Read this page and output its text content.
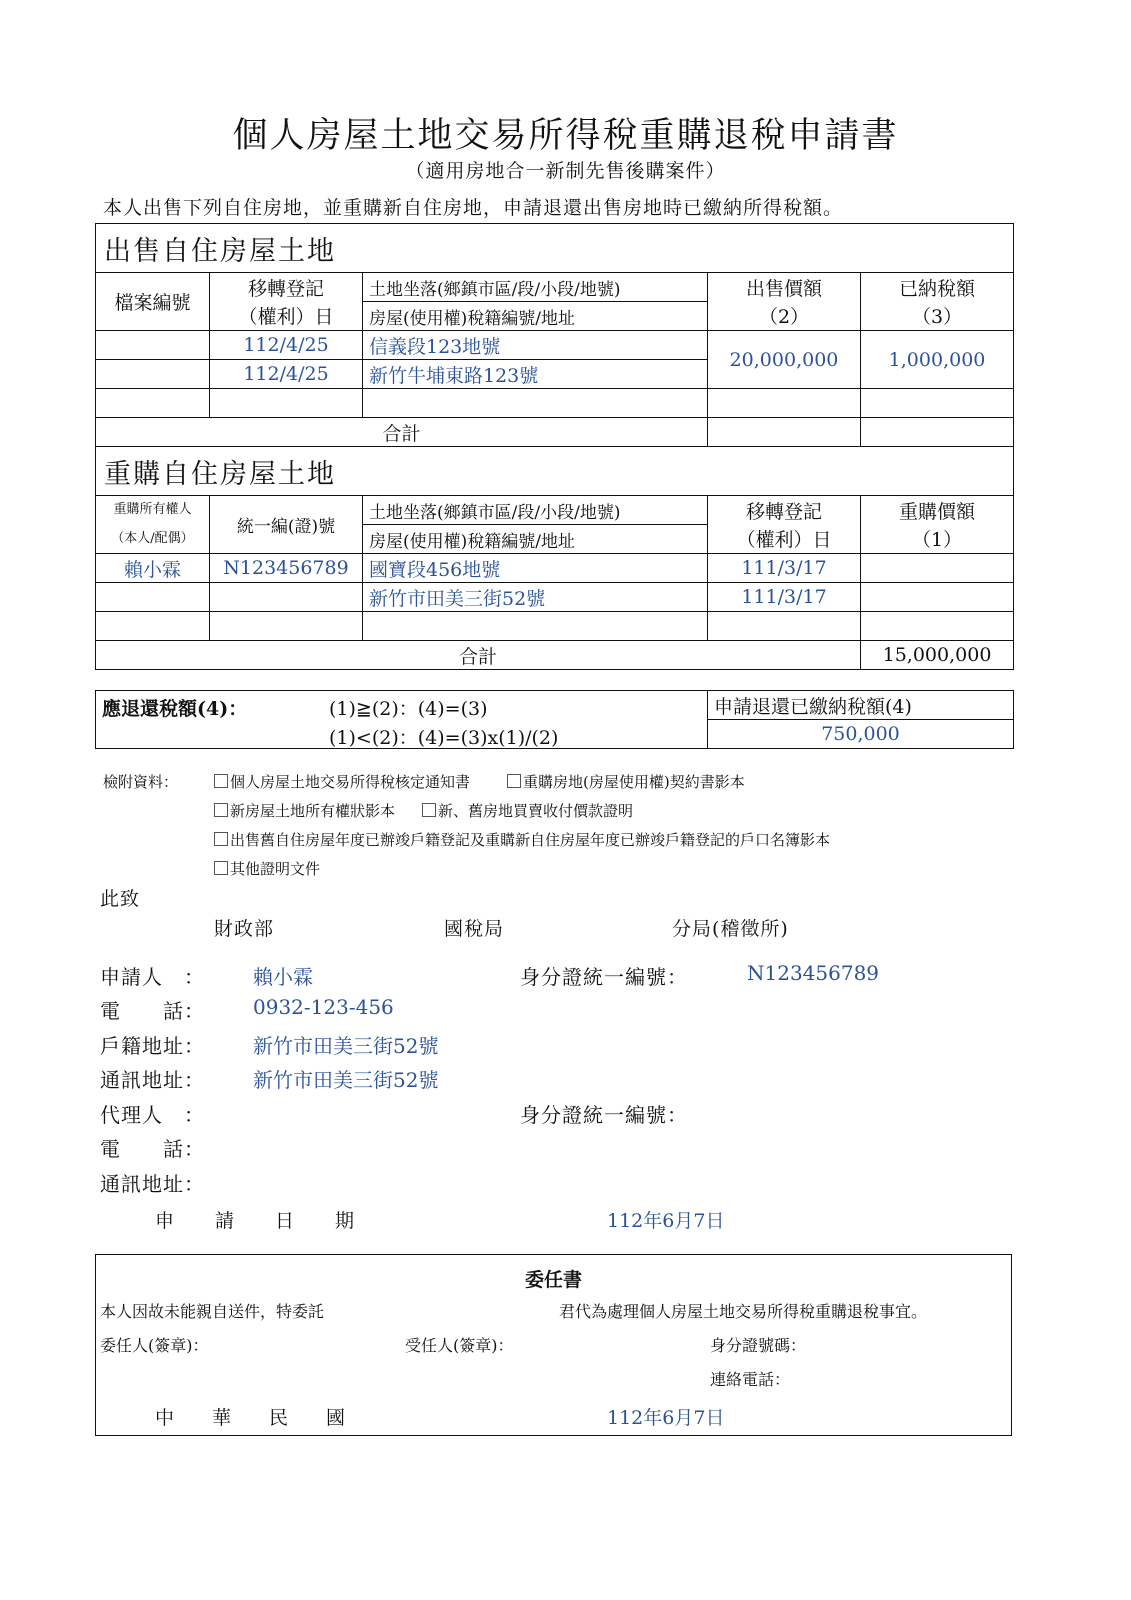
個人房屋土地交易所得稅重購退稅申請書
（適用房地合一新制先售後購案件）
本人出售下列自住房地，並重購新自住房地，申請退還出售房地時已繳納所得稅額。
出售自住房屋土地				
檔案編號	移轉登記	土地坐落(鄉鎮市區/段/小段/地號)	出售價額	已納稅額
	（權利）日	房屋(使用權)稅籍編號/地址	（2）	（3）
	112/4/25	信義段123地號	20,000,000	1,000,000
	112/4/25	新竹牛埔東路123號		

合計				
重購自住房屋土地				
重購所有權人	統一編(證)號	土地坐落(鄉鎮市區/段/小段/地號)	移轉登記	重購價額
（本人/配偶）		房屋(使用權)稅籍編號/地址	（權利）日	（1）
賴小霖	N123456789	國寶段456地號	111/3/17	
		新竹市田美三街52號	111/3/17	

合計				15,000,000
應退還稅額(4)：	(1)≧(2)：(4)=(3)
(1)<(2)：(4)=(3)x(1)/(2)
	申請退還已繳納稅額(4)
750,000
檢附資料：	個人房屋土地交易所得稅核定通知書	重購房地(房屋使用權)契約書影本
新房屋土地所有權狀影本	新、舊房地買賣收付價款證明
出售舊自住房屋年度已辦竣戶籍登記及重購新自住房屋年度已辦竣戶籍登記的戶口名簿影本
其他證明文件
此致
財政部	國稅局	分局(稽徵所)
申請人　： 賴小霖	身分證統一編號：	N123456789
電　　話： 0932-123-456
戶籍地址： 新竹市田美三街52號
通訊地址： 新竹市田美三街52號
代理人　：	身分證統一編號：
電　　話：
通訊地址：
申　　請　　日　　期	112年6月7日
委任書
本人因故未能親自送件，特委託	君代為處理個人房屋土地交易所得稅重購退稅事宜。
委任人(簽章)：	受任人(簽章)：	身分證號碼：
連絡電話：
中　　華　　民　　國	112年6月7日
